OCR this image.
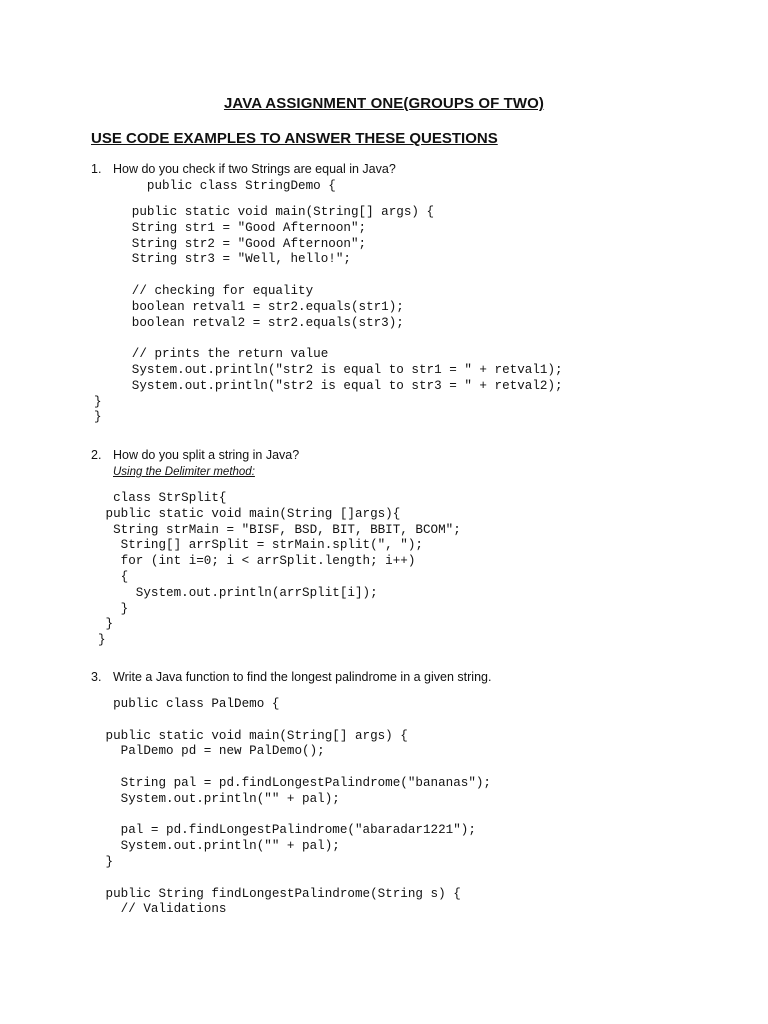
JAVA ASSIGNMENT ONE(GROUPS OF TWO)
USE CODE EXAMPLES TO ANSWER THESE QUESTIONS
1. How do you check if two Strings are equal in Java?
public class StringDemo {
public static void main(String[] args) {
String str1 = "Good Afternoon";
String str2 = "Good Afternoon";
String str3 = "Well, hello!";

// checking for equality
boolean retval1 = str2.equals(str1);
boolean retval2 = str2.equals(str3);

// prints the return value
System.out.println("str2 is equal to str1 = " + retval1);
System.out.println("str2 is equal to str3 = " + retval2);
}
}
2. How do you split a string in Java?
Using the Delimiter method:
class StrSplit{
public static void main(String []args){
String strMain = "BISF, BSD, BIT, BBIT, BCOM";
String[] arrSplit = strMain.split(", ");
for (int i=0; i < arrSplit.length; i++)
{
System.out.println(arrSplit[i]);
}
}
}
3. Write a Java function to find the longest palindrome in a given string.
public class PalDemo {

public static void main(String[] args) {
PalDemo pd = new PalDemo();

String pal = pd.findLongestPalindrome("bananas");
System.out.println("" + pal);

pal = pd.findLongestPalindrome("abaradar1221");
System.out.println("" + pal);
}

public String findLongestPalindrome(String s) {
// Validations
